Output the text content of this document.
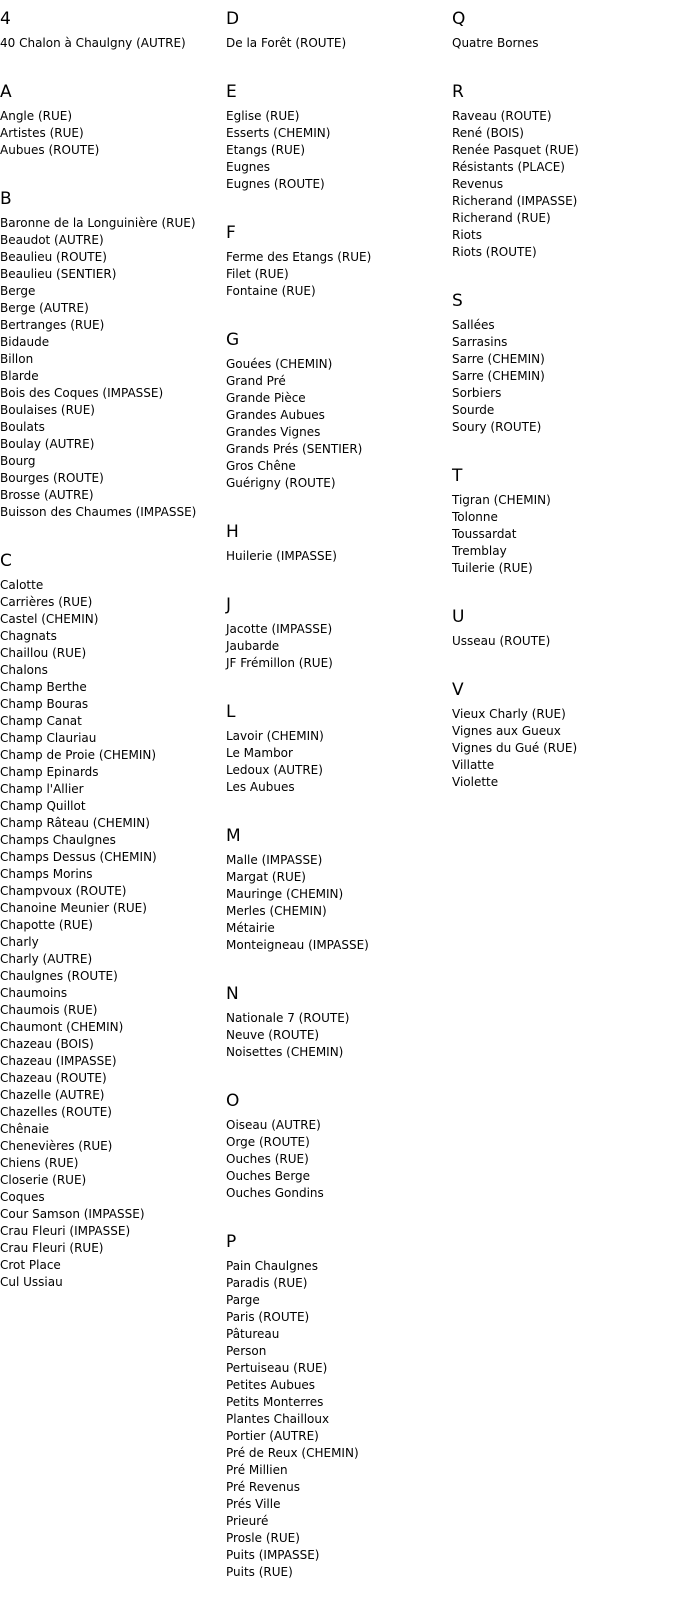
4
40 Chalon à Chaulgny (AUTRE)
A
Angle (RUE)
Artistes (RUE)
Aubues (ROUTE)
B
Baronne de la Longuinière (RUE)
Beaudot (AUTRE)
Beaulieu (ROUTE)
Beaulieu (SENTIER)
Berge
Berge (AUTRE)
Bertranges (RUE)
Bidaude
Billon
Blarde
Bois des Coques (IMPASSE)
Boulaises (RUE)
Boulats
Boulay (AUTRE)
Bourg
Bourges (ROUTE)
Brosse (AUTRE)
Buisson des Chaumes (IMPASSE)
C
Calotte
Carrières (RUE)
Castel (CHEMIN)
Chagnats
Chaillou (RUE)
Chalons
Champ Berthe
Champ Bouras
Champ Canat
Champ Clauriau
Champ de Proie (CHEMIN)
Champ Epinards
Champ l'Allier
Champ Quillot
Champ Râteau (CHEMIN)
Champs Chaulgnes
Champs Dessus (CHEMIN)
Champs Morins
Champvoux (ROUTE)
Chanoine Meunier (RUE)
Chapotte (RUE)
Charly
Charly (AUTRE)
Chaulgnes (ROUTE)
Chaumoins
Chaumois (RUE)
Chaumont (CHEMIN)
Chazeau (BOIS)
Chazeau (IMPASSE)
Chazeau (ROUTE)
Chazelle (AUTRE)
Chazelles (ROUTE)
Chênaie
Chenevières (RUE)
Chiens (RUE)
Closerie (RUE)
Coques
Cour Samson (IMPASSE)
Crau Fleuri (IMPASSE)
Crau Fleuri (RUE)
Crot Place
Cul Ussiau
D
De la Forêt (ROUTE)
E
Eglise (RUE)
Esserts (CHEMIN)
Etangs (RUE)
Eugnes
Eugnes (ROUTE)
F
Ferme des Etangs (RUE)
Filet (RUE)
Fontaine (RUE)
G
Gouées (CHEMIN)
Grand Pré
Grande Pièce
Grandes Aubues
Grandes Vignes
Grands Prés (SENTIER)
Gros Chêne
Guérigny (ROUTE)
H
Huilerie (IMPASSE)
J
Jacotte (IMPASSE)
Jaubarde
JF Frémillon (RUE)
L
Lavoir (CHEMIN)
Le Mambor
Ledoux (AUTRE)
Les Aubues
M
Malle (IMPASSE)
Margat (RUE)
Mauringe (CHEMIN)
Merles (CHEMIN)
Métairie
Monteigneau (IMPASSE)
N
Nationale 7 (ROUTE)
Neuve (ROUTE)
Noisettes (CHEMIN)
O
Oiseau (AUTRE)
Orge (ROUTE)
Ouches (RUE)
Ouches Berge
Ouches Gondins
P
Pain Chaulgnes
Paradis (RUE)
Parge
Paris (ROUTE)
Pâtureau
Person
Pertuiseau (RUE)
Petites Aubues
Petits Monterres
Plantes Chailloux
Portier (AUTRE)
Pré de Reux (CHEMIN)
Pré Millien
Pré Revenus
Prés Ville
Prieuré
Prosle (RUE)
Puits (IMPASSE)
Puits (RUE)
Q
Quatre Bornes
R
Raveau (ROUTE)
René (BOIS)
Renée Pasquet (RUE)
Résistants (PLACE)
Revenus
Richerand (IMPASSE)
Richerand (RUE)
Riots
Riots (ROUTE)
S
Sallées
Sarrasins
Sarre (CHEMIN)
Sarre (CHEMIN)
Sorbiers
Sourde
Soury (ROUTE)
T
Tigran (CHEMIN)
Tolonne
Toussardat
Tremblay
Tuilerie (RUE)
U
Usseau (ROUTE)
V
Vieux Charly (RUE)
Vignes aux Gueux
Vignes du Gué (RUE)
Villatte
Violette
